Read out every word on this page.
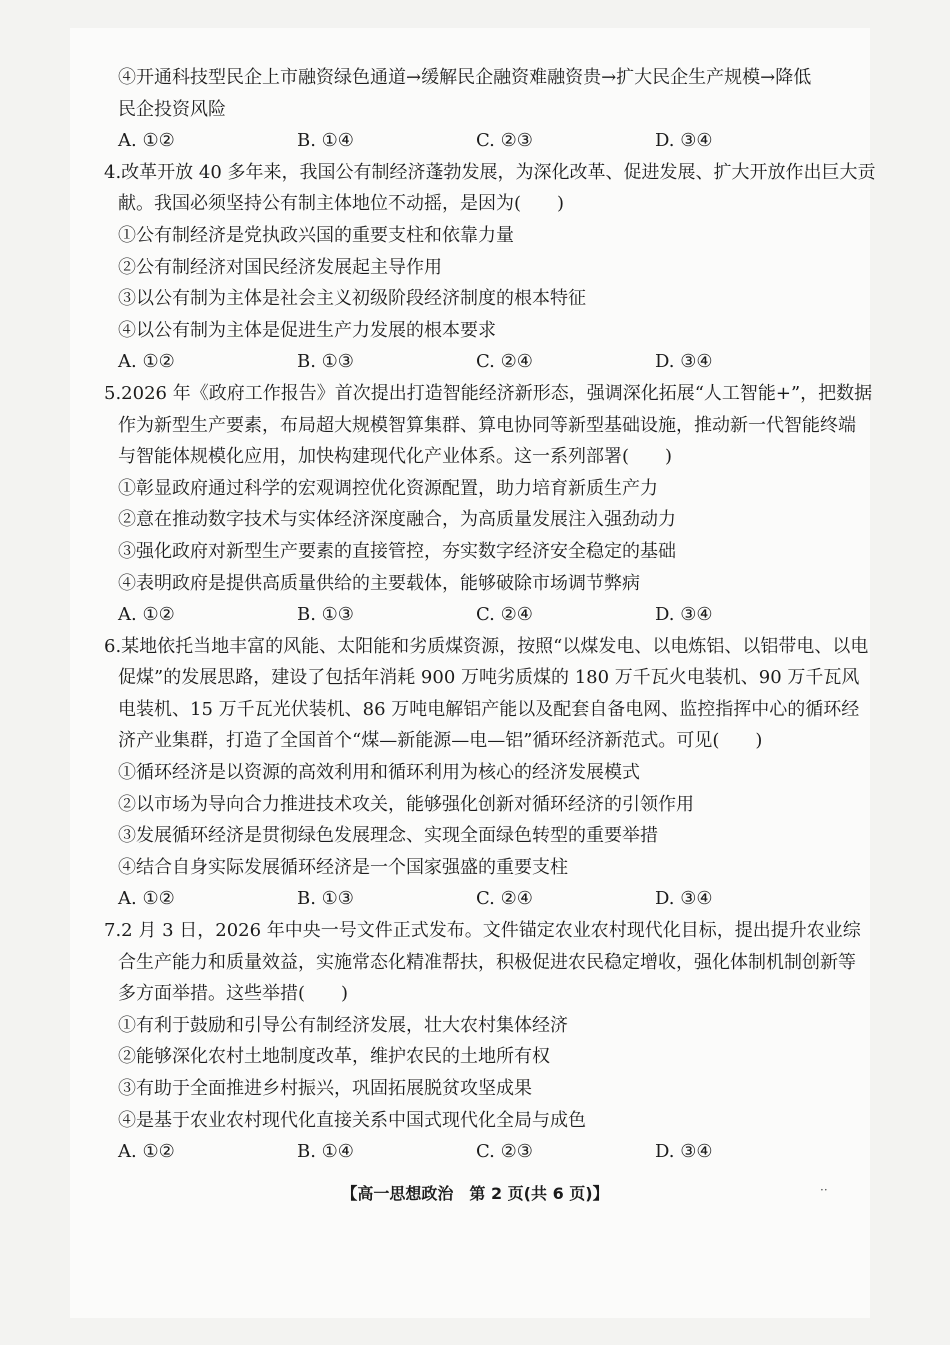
④开通科技型民企上市融资绿色通道→缓解民企融资难融资贵→扩大民企生产规模→降低
民企投资风险
A. ①②	B. ①④	C. ②③	D. ③④
4.改革开放 40 多年来，我国公有制经济蓬勃发展，为深化改革、促进发展、扩大开放作出巨大贡
献。我国必须坚持公有制主体地位不动摇，是因为(　　)
①公有制经济是党执政兴国的重要支柱和依靠力量
②公有制经济对国民经济发展起主导作用
③以公有制为主体是社会主义初级阶段经济制度的根本特征
④以公有制为主体是促进生产力发展的根本要求
A. ①②	B. ①③	C. ②④	D. ③④
5.2026 年《政府工作报告》首次提出打造智能经济新形态，强调深化拓展“人工智能+”，把数据
作为新型生产要素，布局超大规模智算集群、算电协同等新型基础设施，推动新一代智能终端
与智能体规模化应用，加快构建现代化产业体系。这一系列部署(　　)
①彰显政府通过科学的宏观调控优化资源配置，助力培育新质生产力
②意在推动数字技术与实体经济深度融合，为高质量发展注入强劲动力
③强化政府对新型生产要素的直接管控，夯实数字经济安全稳定的基础
④表明政府是提供高质量供给的主要载体，能够破除市场调节弊病
A. ①②	B. ①③	C. ②④	D. ③④
6.某地依托当地丰富的风能、太阳能和劣质煤资源，按照“以煤发电、以电炼铝、以铝带电、以电
促煤”的发展思路，建设了包括年消耗 900 万吨劣质煤的 180 万千瓦火电装机、90 万千瓦风
电装机、15 万千瓦光伏装机、86 万吨电解铝产能以及配套自备电网、监控指挥中心的循环经
济产业集群，打造了全国首个“煤—新能源—电—铝”循环经济新范式。可见(　　)
①循环经济是以资源的高效利用和循环利用为核心的经济发展模式
②以市场为导向合力推进技术攻关，能够强化创新对循环经济的引领作用
③发展循环经济是贯彻绿色发展理念、实现全面绿色转型的重要举措
④结合自身实际发展循环经济是一个国家强盛的重要支柱
A. ①②	B. ①③	C. ②④	D. ③④
7.2 月 3 日，2026 年中央一号文件正式发布。文件锚定农业农村现代化目标，提出提升农业综
合生产能力和质量效益，实施常态化精准帮扶，积极促进农民稳定增收，强化体制机制创新等
多方面举措。这些举措(　　)
①有利于鼓励和引导公有制经济发展，壮大农村集体经济
②能够深化农村土地制度改革，维护农民的土地所有权
③有助于全面推进乡村振兴，巩固拓展脱贫攻坚成果
④是基于农业农村现代化直接关系中国式现代化全局与成色
A. ①②	B. ①④	C. ②③	D. ③④
【高一思想政治　第 2 页(共 6 页)】	··
